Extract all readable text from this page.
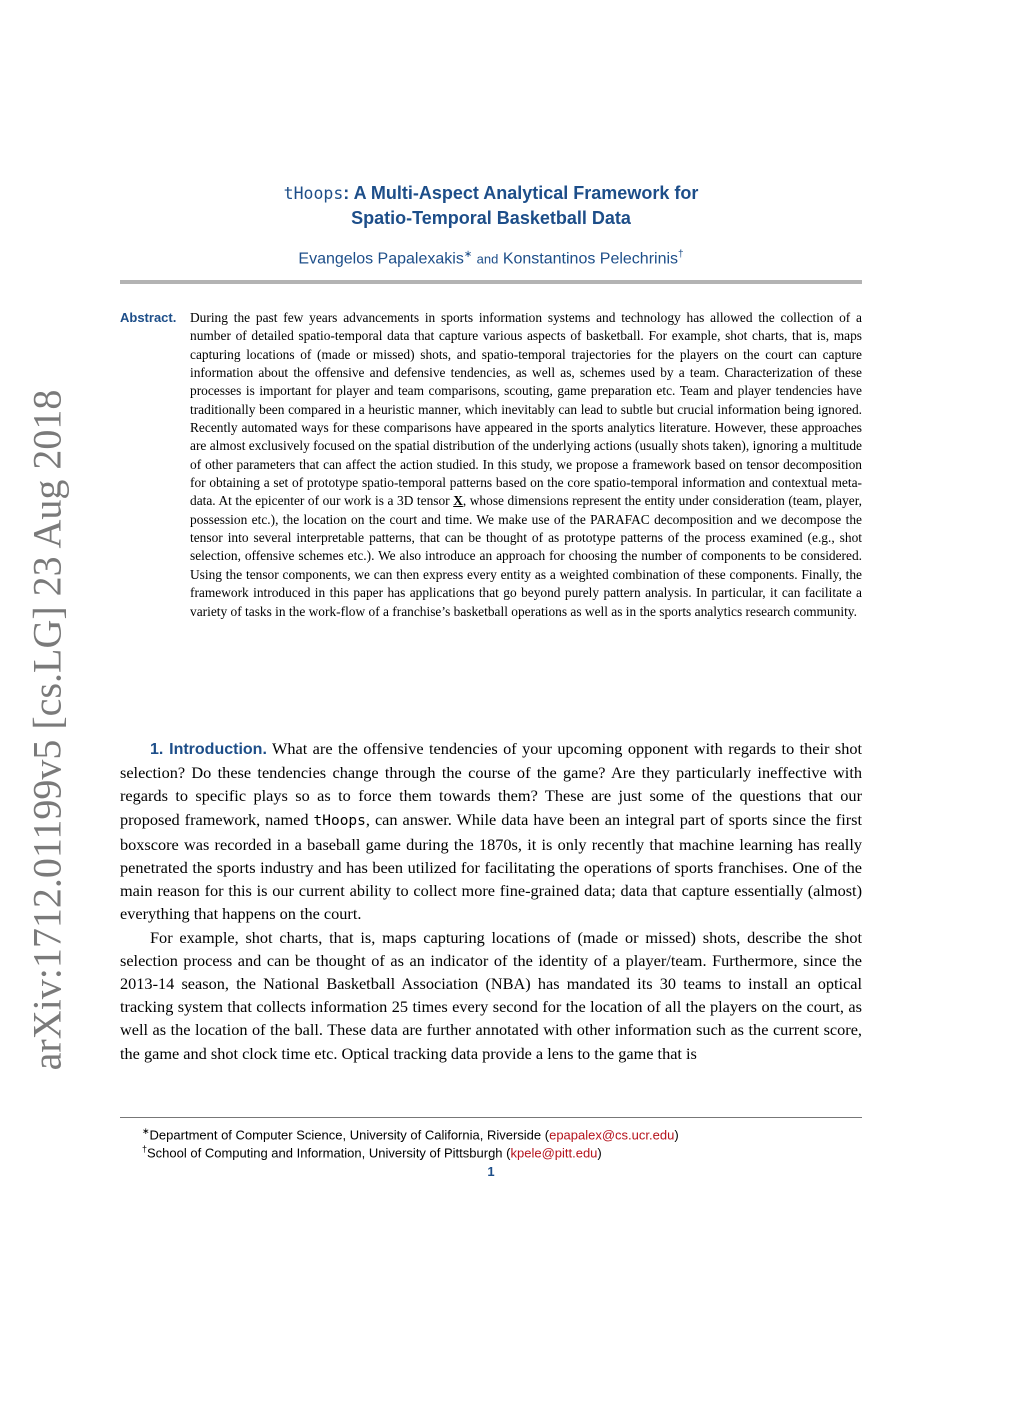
arXiv:1712.01199v5 [cs.LG] 23 Aug 2018
tHoops: A Multi-Aspect Analytical Framework for
Spatio-Temporal Basketball Data
Evangelos Papalexakis∗ and Konstantinos Pelechrinis†
Abstract. During the past few years advancements in sports information systems and technology has allowed the collection of a number of detailed spatio-temporal data that capture various aspects of basketball. For example, shot charts, that is, maps capturing locations of (made or missed) shots, and spatio-temporal trajectories for the players on the court can capture information about the offensive and defensive tendencies, as well as, schemes used by a team. Characterization of these processes is important for player and team comparisons, scouting, game preparation etc. Team and player tendencies have traditionally been compared in a heuristic manner, which inevitably can lead to subtle but crucial information being ignored. Recently automated ways for these comparisons have appeared in the sports analytics literature. However, these approaches are almost exclusively focused on the spatial distribution of the underlying actions (usually shots taken), ignoring a multitude of other parameters that can affect the action studied. In this study, we propose a framework based on tensor decomposition for obtaining a set of prototype spatio-temporal patterns based on the core spatio-temporal information and contextual meta-data. At the epicenter of our work is a 3D tensor X, whose dimensions represent the entity under consideration (team, player, possession etc.), the location on the court and time. We make use of the PARAFAC decomposition and we decompose the tensor into several interpretable patterns, that can be thought of as prototype patterns of the process examined (e.g., shot selection, offensive schemes etc.). We also introduce an approach for choosing the number of components to be considered. Using the tensor components, we can then express every entity as a weighted combination of these components. Finally, the framework introduced in this paper has applications that go beyond purely pattern analysis. In particular, it can facilitate a variety of tasks in the work-flow of a franchise’s basketball operations as well as in the sports analytics research community.

1. Introduction. What are the offensive tendencies of your upcoming opponent with regards to their shot selection? Do these tendencies change through the course of the game? Are they particularly ineffective with regards to specific plays so as to force them towards them? These are just some of the questions that our proposed framework, named tHoops, can answer. While data have been an integral part of sports since the first boxscore was recorded in a baseball game during the 1870s, it is only recently that machine learning has really penetrated the sports industry and has been utilized for facilitating the operations of sports franchises. One of the main reason for this is our current ability to collect more fine-grained data; data that capture essentially (almost) everything that happens on the court.

For example, shot charts, that is, maps capturing locations of (made or missed) shots, describe the shot selection process and can be thought of as an indicator of the identity of a player/team. Furthermore, since the 2013-14 season, the National Basketball Association (NBA) has mandated its 30 teams to install an optical tracking system that collects information 25 times every second for the location of all the players on the court, as well as the location of the ball. These data are further annotated with other information such as the current score, the game and shot clock time etc. Optical tracking data provide a lens to the game that is

∗Department of Computer Science, University of California, Riverside (epapalex@cs.ucr.edu)
†School of Computing and Information, University of Pittsburgh (kpele@pitt.edu)
1
